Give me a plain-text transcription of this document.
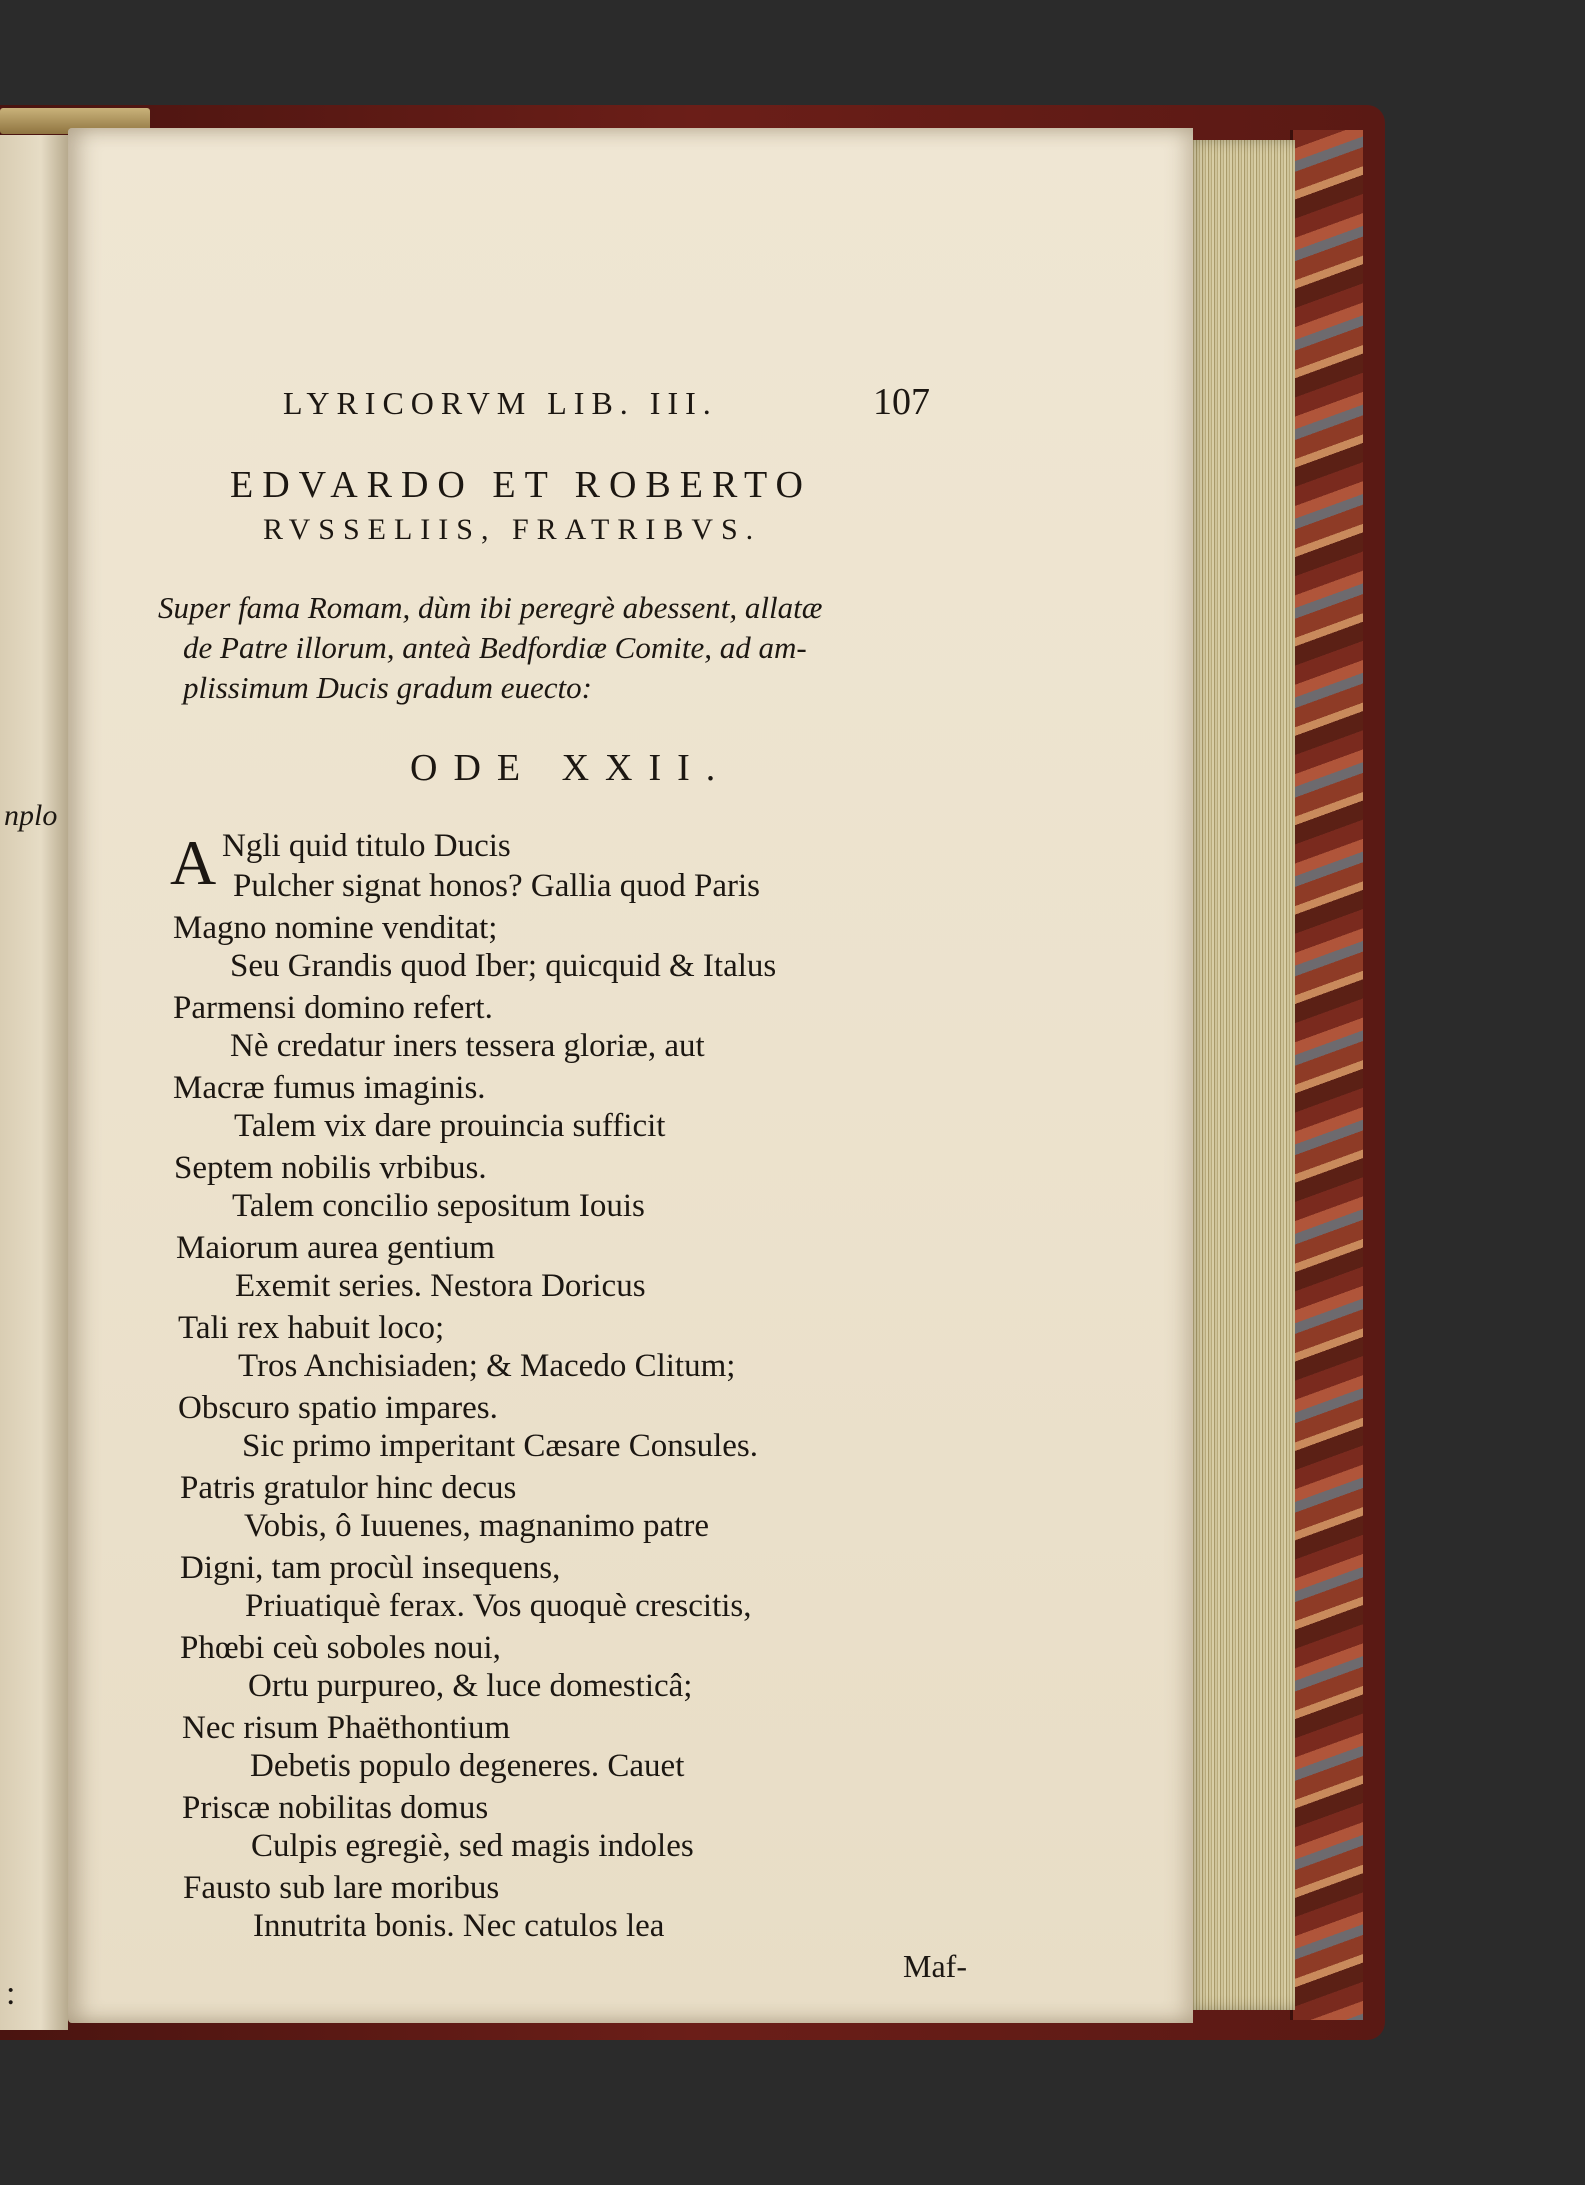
nplo
:
LYRICORVM LIB. III.	107
EDVARDO ET ROBERTO
RVSSELIIS, FRATRIBVS.
Super fama Romam, dùm ibi peregrè abessent, allatæ
de Patre illorum, anteà Bedfordiæ Comite, ad am-
plissimum Ducis gradum euecto:
ODE XXII.
A Ngli quid titulo Ducis
Pulcher signat honos? Gallia quod Paris
Magno nomine venditat;
Seu Grandis quod Iber; quicquid & Italus
Parmensi domino refert.
Nè credatur iners tessera gloriæ, aut
Macræ fumus imaginis.
Talem vix dare prouincia sufficit
Septem nobilis vrbibus.
Talem concilio sepositum Iouis
Maiorum aurea gentium
Exemit series. Nestora Doricus
Tali rex habuit loco;
Tros Anchisiaden; & Macedo Clitum;
Obscuro spatio impares.
Sic primo imperitant Cæsare Consules.
Patris gratulor hinc decus
Vobis, ô Iuuenes, magnanimo patre
Digni, tam procùl insequens,
Priuatiquè ferax. Vos quoquè crescitis,
Phœbi ceù soboles noui,
Ortu purpureo, & luce domesticâ;
Nec risum Phaëthontium
Debetis populo degeneres. Cauet
Priscæ nobilitas domus
Culpis egregiè, sed magis indoles
Fausto sub lare moribus
Innutrita bonis. Nec catulos lea
Maf-
